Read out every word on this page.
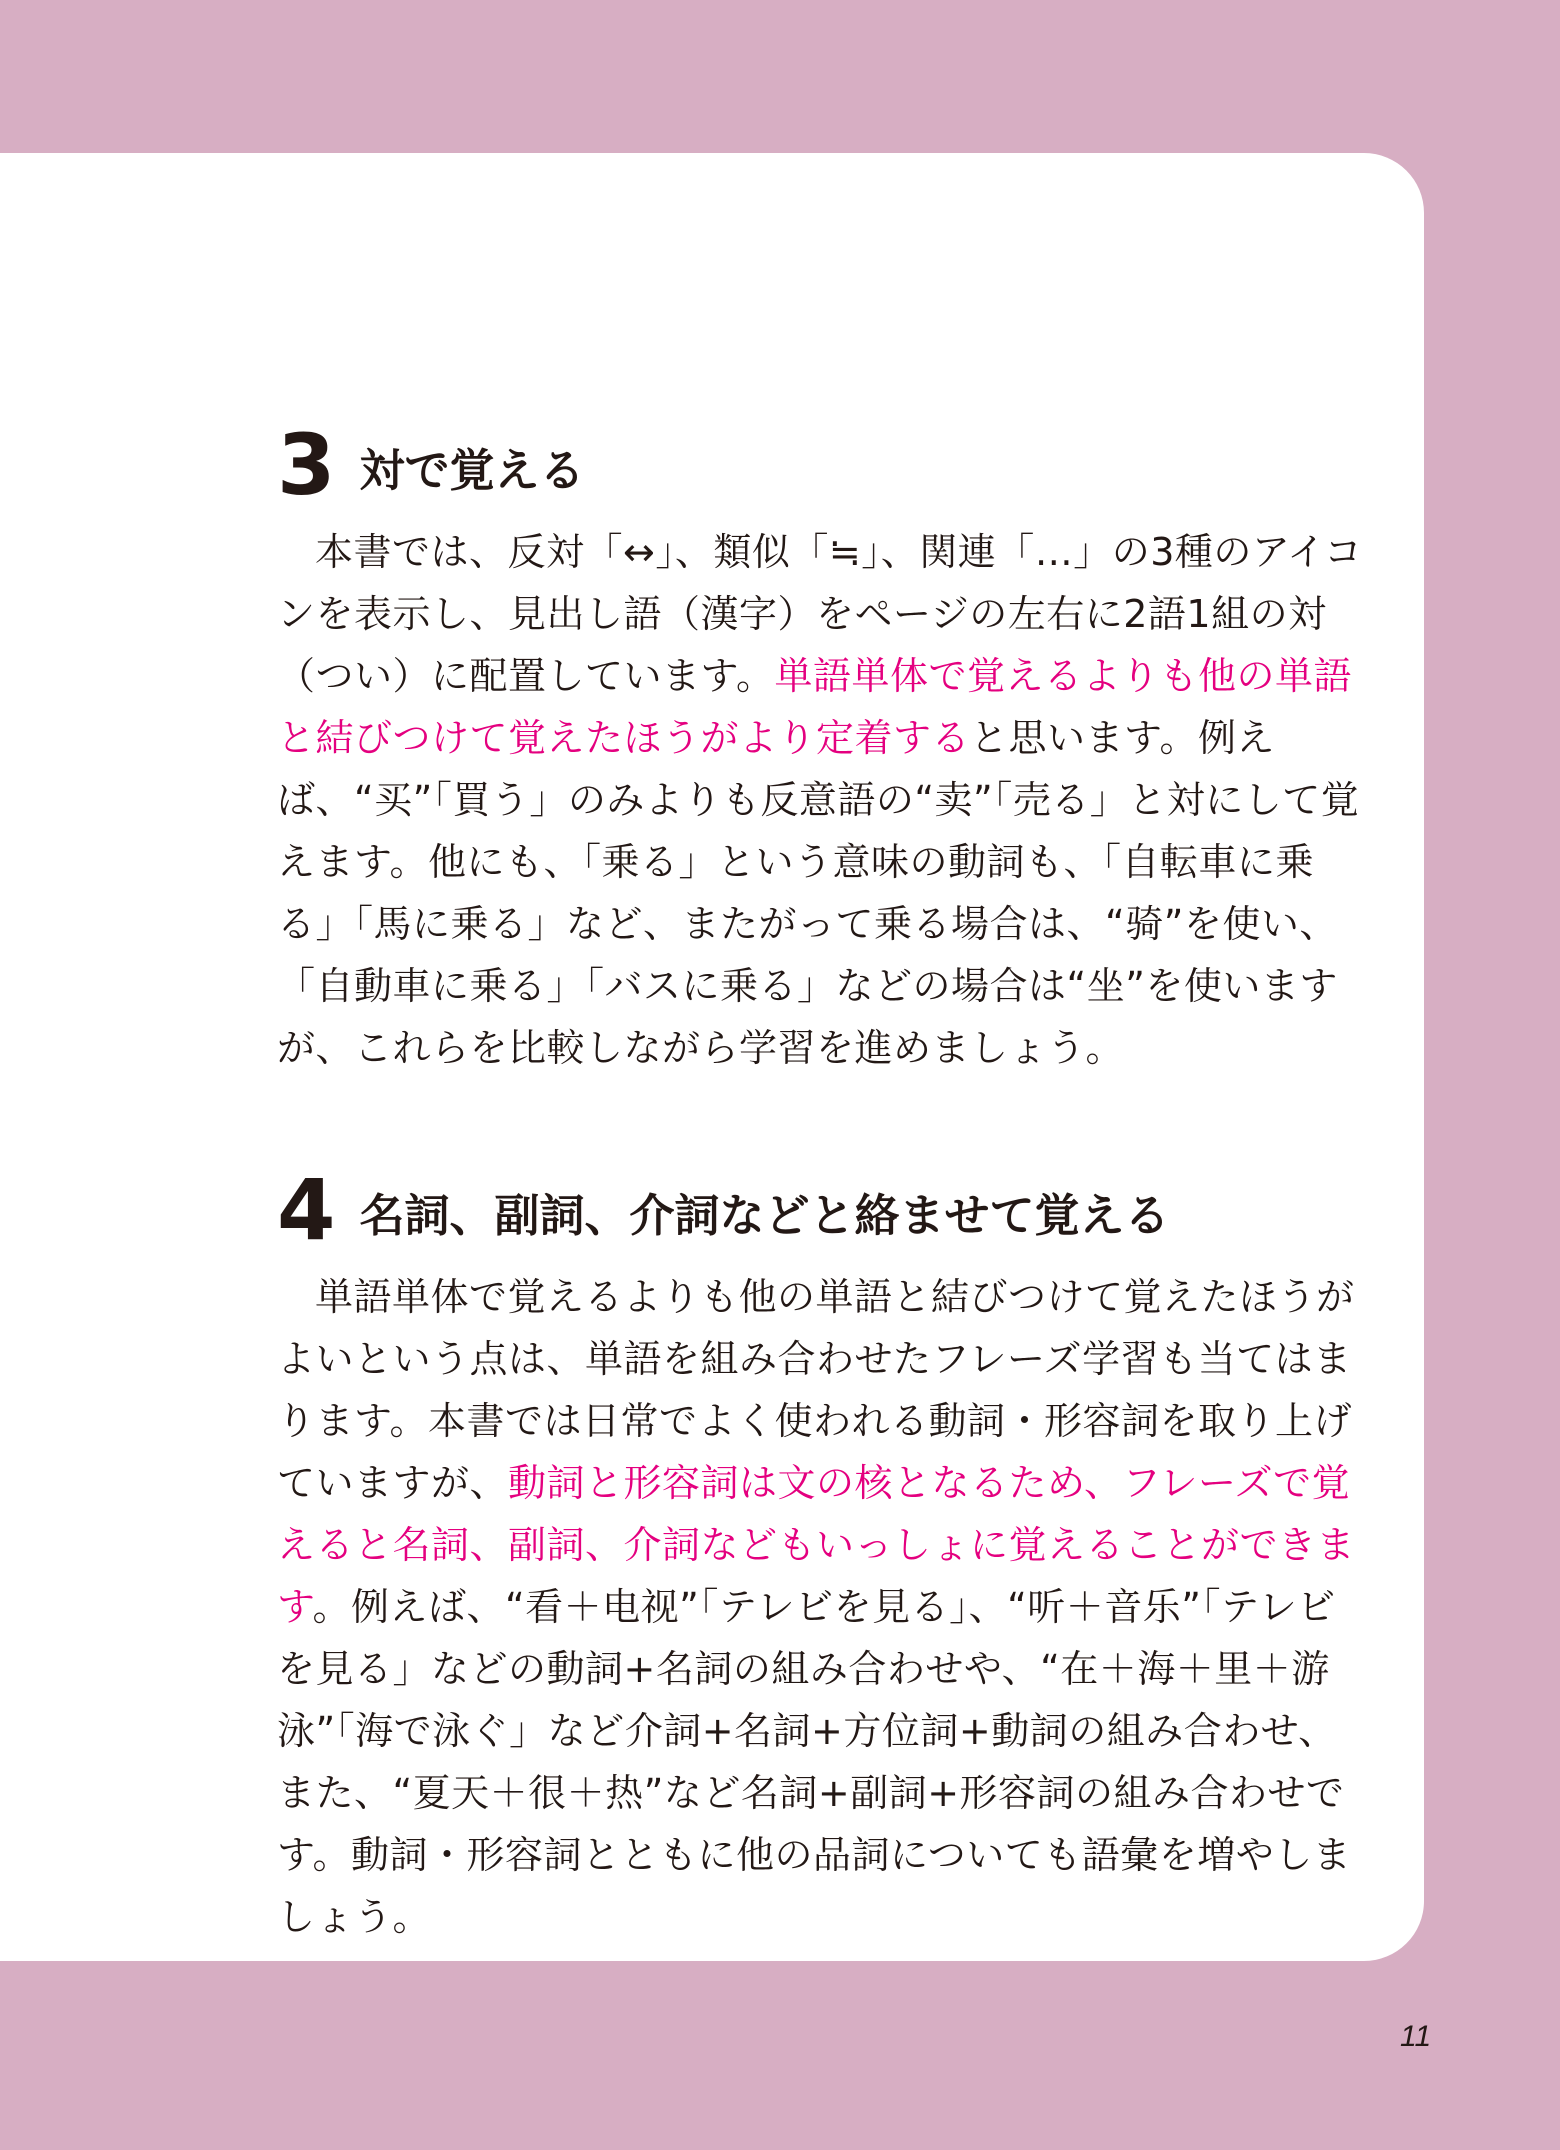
3 対で覚える

本書では、反対「↔」、類似「≒」、関連「…」の3種のアイコンを表示し、見出し語（漢字）をページの左右に2語1組の対（つい）に配置しています。単語単体で覚えるよりも他の単語と結びつけて覚えたほうがより定着すると思います。例えば、“买”「買う」のみよりも反意語の“卖”「売る」と対にして覚えます。他にも、「乗る」という意味の動詞も、「自転車に乗る」「馬に乗る」など、またがって乗る場合は、“骑”を使い、「自動車に乗る」「バスに乗る」などの場合は“坐”を使いますが、これらを比較しながら学習を進めましょう。

4 名詞、副詞、介詞などと絡ませて覚える

単語単体で覚えるよりも他の単語と結びつけて覚えたほうがよいという点は、単語を組み合わせたフレーズ学習も当てはまります。本書では日常でよく使われる動詞・形容詞を取り上げていますが、動詞と形容詞は文の核となるため、フレーズで覚えると名詞、副詞、介詞などもいっしょに覚えることができます。例えば、“看＋电视”「テレビを見る」、“听＋音乐”「テレビを見る」などの動詞+名詞の組み合わせや、“在＋海＋里＋游泳”「海で泳ぐ」など介詞+名詞+方位詞+動詞の組み合わせ、また、“夏天＋很＋热”など名詞+副詞+形容詞の組み合わせです。動詞・形容詞とともに他の品詞についても語彙を増やしましょう。

11
